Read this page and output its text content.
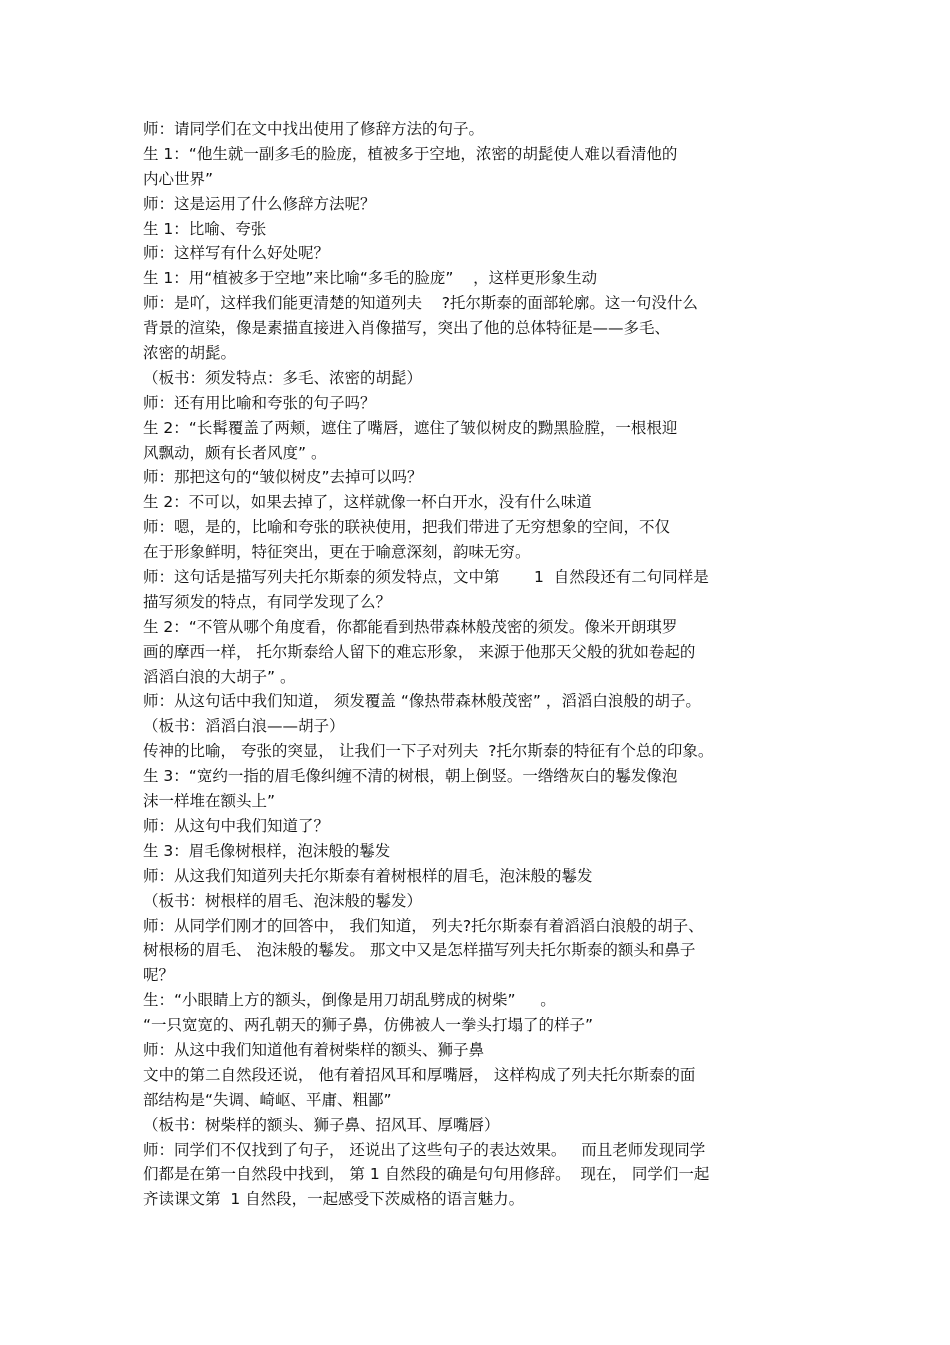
师：请同学们在文中找出使用了修辞方法的句子。
生 1：“他生就一副多毛的脸庞，植被多于空地，浓密的胡髭使人难以看清他的
内心世界”
师：这是运用了什么修辞方法呢？
生 1：比喻、夸张
师：这样写有什么好处呢？
生 1：用“植被多于空地”来比喻“多毛的脸庞”    ，这样更形象生动
师：是吖，这样我们能更清楚的知道列夫    ?托尔斯泰的面部轮廓。这一句没什么
背景的渲染，像是素描直接进入肖像描写，突出了他的总体特征是——多毛、
浓密的胡髭。
（板书：须发特点：多毛、浓密的胡髭）
师：还有用比喻和夸张的句子吗？
生 2：“长髯覆盖了两颊，遮住了嘴唇，遮住了皱似树皮的黝黑脸膛，一根根迎
风飘动，颇有长者风度” 。
师：那把这句的“皱似树皮”去掉可以吗？
生 2：不可以，如果去掉了，这样就像一杯白开水，没有什么味道
师：嗯，是的，比喻和夸张的联袂使用，把我们带进了无穷想象的空间，不仅
在于形象鲜明，特征突出，更在于喻意深刻，韵味无穷。
师：这句话是描写列夫托尔斯泰的须发特点，文中第       1  自然段还有二句同样是
描写须发的特点，有同学发现了么？
生 2：“不管从哪个角度看，你都能看到热带森林般茂密的须发。像米开朗琪罗
画的摩西一样， 托尔斯泰给人留下的难忘形象， 来源于他那天父般的犹如卷起的
滔滔白浪的大胡子” 。
师：从这句话中我们知道， 须发覆盖 “像热带森林般茂密” ，滔滔白浪般的胡子。
（板书：滔滔白浪——胡子）
传神的比喻， 夸张的突显， 让我们一下子对列夫  ?托尔斯泰的特征有个总的印象。
生 3：“宽约一指的眉毛像纠缠不清的树根，朝上倒竖。一绺绺灰白的鬈发像泡
沫一样堆在额头上”
师：从这句中我们知道了？
生 3：眉毛像树根样，泡沫般的鬈发
师：从这我们知道列夫托尔斯泰有着树根样的眉毛，泡沫般的鬈发
（板书：树根样的眉毛、泡沫般的鬈发）
师：从同学们刚才的回答中， 我们知道， 列夫?托尔斯泰有着滔滔白浪般的胡子、
树根杨的眉毛、 泡沫般的鬈发。 那文中又是怎样描写列夫托尔斯泰的额头和鼻子
呢？
生：“小眼睛上方的额头，倒像是用刀胡乱劈成的树柴”     。
“一只宽宽的、两孔朝天的狮子鼻，仿佛被人一拳头打塌了的样子”
师：从这中我们知道他有着树柴样的额头、狮子鼻
文中的第二自然段还说， 他有着招风耳和厚嘴唇， 这样构成了列夫托尔斯泰的面
部结构是“失调、崎岖、平庸、粗鄙”
（板书：树柴样的额头、狮子鼻、招风耳、厚嘴唇）
师：同学们不仅找到了句子， 还说出了这些句子的表达效果。   而且老师发现同学
们都是在第一自然段中找到， 第 1 自然段的确是句句用修辞。  现在， 同学们一起
齐读课文第  1 自然段，一起感受下茨威格的语言魅力。
